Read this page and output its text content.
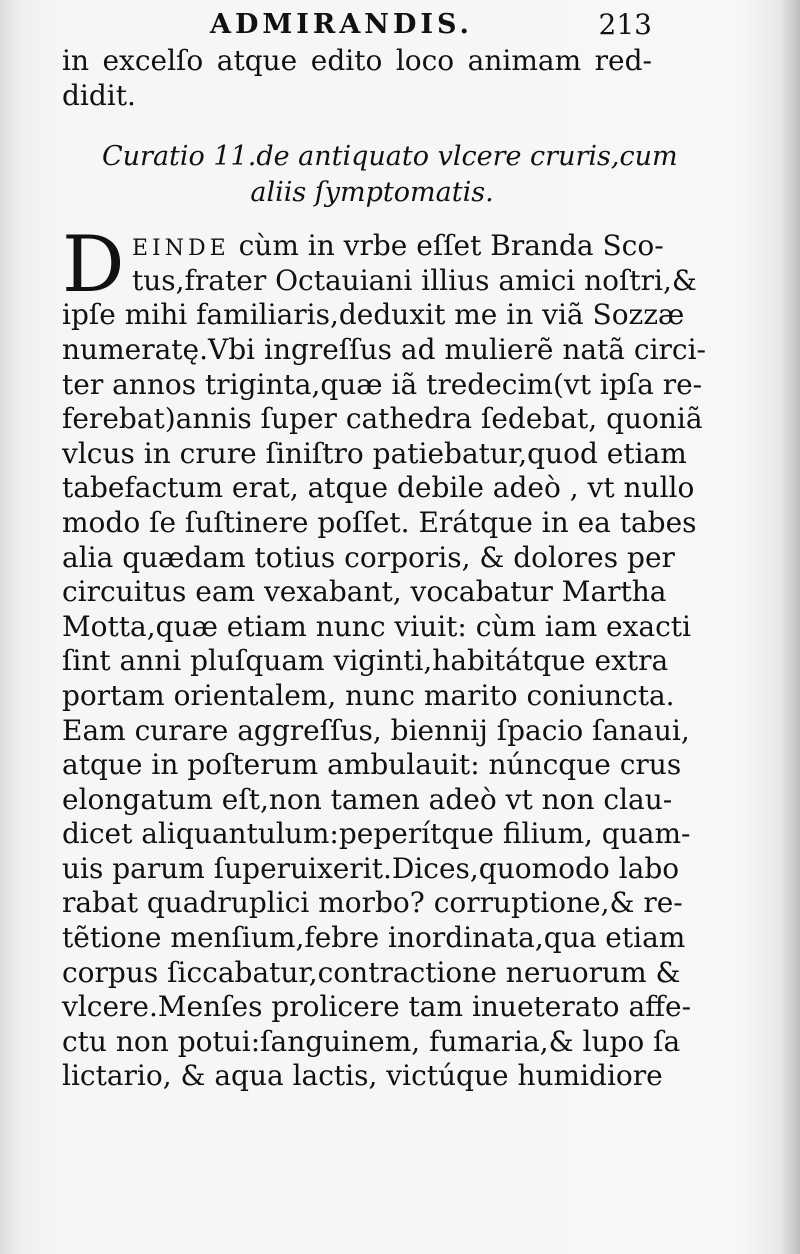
ADMIRANDIS.	213
in excelſo atque edito loco animam red-
didit.
Curatio 11.de antiquato vlcere cruris,cum
aliis ſymptomatis.
D EINDE cùm in vrbe eſſet Branda Sco-
tus,frater Octauiani illius amici noſtri,&
ipſe mihi familiaris,deduxit me in viã Sozzæ
numeratę.Vbi ingreſſus ad mulierẽ natã circi-
ter annos triginta,quæ iã tredecim(vt ipſa re-
ferebat)annis ſuper cathedra ſedebat, quoniã
vlcus in crure ſiniſtro patiebatur,quod etiam
tabefactum erat, atque debile adeò , vt nullo
modo ſe ſuſtinere poſſet. Erátque in ea tabes
alia quædam totius corporis, & dolores per
circuitus eam vexabant, vocabatur Martha
Motta,quæ etiam nunc viuit: cùm iam exacti
ſint anni pluſquam viginti,habitátque extra
portam orientalem, nunc marito coniuncta.
Eam curare aggreſſus, biennij ſpacio ſanaui,
atque in poſterum ambulauit: núncque crus
elongatum eſt,non tamen adeò vt non clau-
dicet aliquantulum:peperítque filium, quam-
uis parum ſuperuixerit.Dices,quomodo labo
rabat quadruplici morbo? corruptione,& re-
tẽtione menſium,febre inordinata,qua etiam
corpus ſiccabatur,contractione neruorum &
vlcere.Menſes prolicere tam inueterato affe-
ctu non potui:ſanguinem, fumaria,& lupo ſa
lictario, & aqua lactis, victúque humidiore
